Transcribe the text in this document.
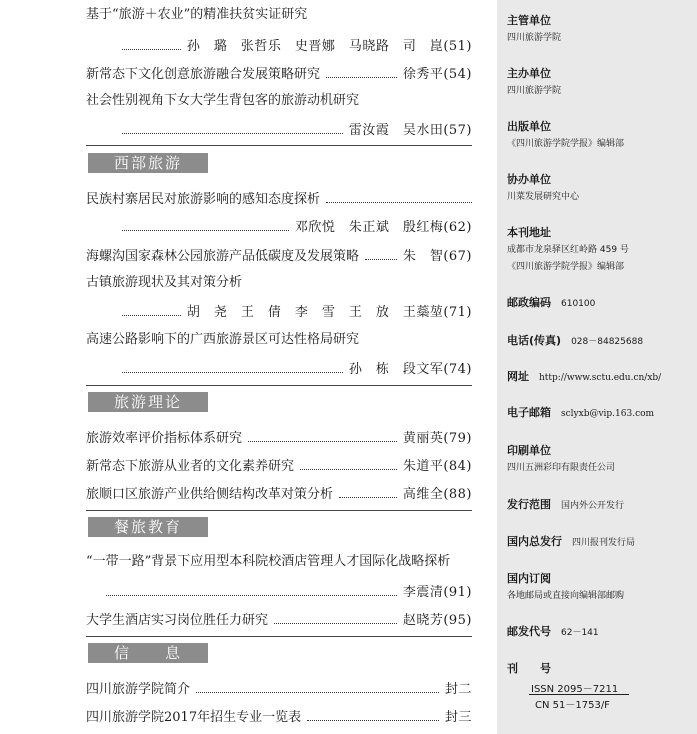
基于“旅游＋农业”的精准扶贫实证研究
孙　璐　张哲乐　史晋娜　马晓路　司　崑(51)
新常态下文化创意旅游融合发展策略研究	徐秀平(54)
社会性别视角下女大学生背包客的旅游动机研究
雷汝霞　吴水田(57)
西部旅游
民族村寨居民对旅游影响的感知态度探析
邓欣悦　朱正斌　殷红梅(62)
海螺沟国家森林公园旅游产品低碳度及发展策略	朱　智(67)
古镇旅游现状及其对策分析
胡　尧　王　倩　李　雪　王　放　王蘂堃(71)
高速公路影响下的广西旅游景区可达性格局研究
孙　栋　段文军(74)
旅游理论
旅游效率评价指标体系研究	黄丽英(79)
新常态下旅游从业者的文化素养研究	朱道平(84)
旅顺口区旅游产业供给侧结构改革对策分析	高维全(88)
餐旅教育
“一带一路”背景下应用型本科院校酒店管理人才国际化战略探析
李震清(91)
大学生酒店实习岗位胜任力研究	赵晓芳(95)
信　　息
四川旅游学院简介	封二
四川旅游学院2017年招生专业一览表	封三
主管单位
四川旅游学院
主办单位
四川旅游学院
出版单位
《四川旅游学院学报》编辑部
协办单位
川菜发展研究中心
本刊地址
成都市龙泉驿区红岭路 459 号
《四川旅游学院学报》编辑部
邮政编码 610100
电话(传真) 028－84825688
网址 http://www.sctu.edu.cn/xb/
电子邮箱 sclyxb@vip.163.com
印刷单位
四川五洲彩印有限责任公司
发行范围 国内外公开发行
国内总发行 四川报刊发行局
国内订阅
各地邮局或直接向编辑部邮购
邮发代号 62－141
刊　　号
ISSN 2095－7211
CN 51－1753/F
